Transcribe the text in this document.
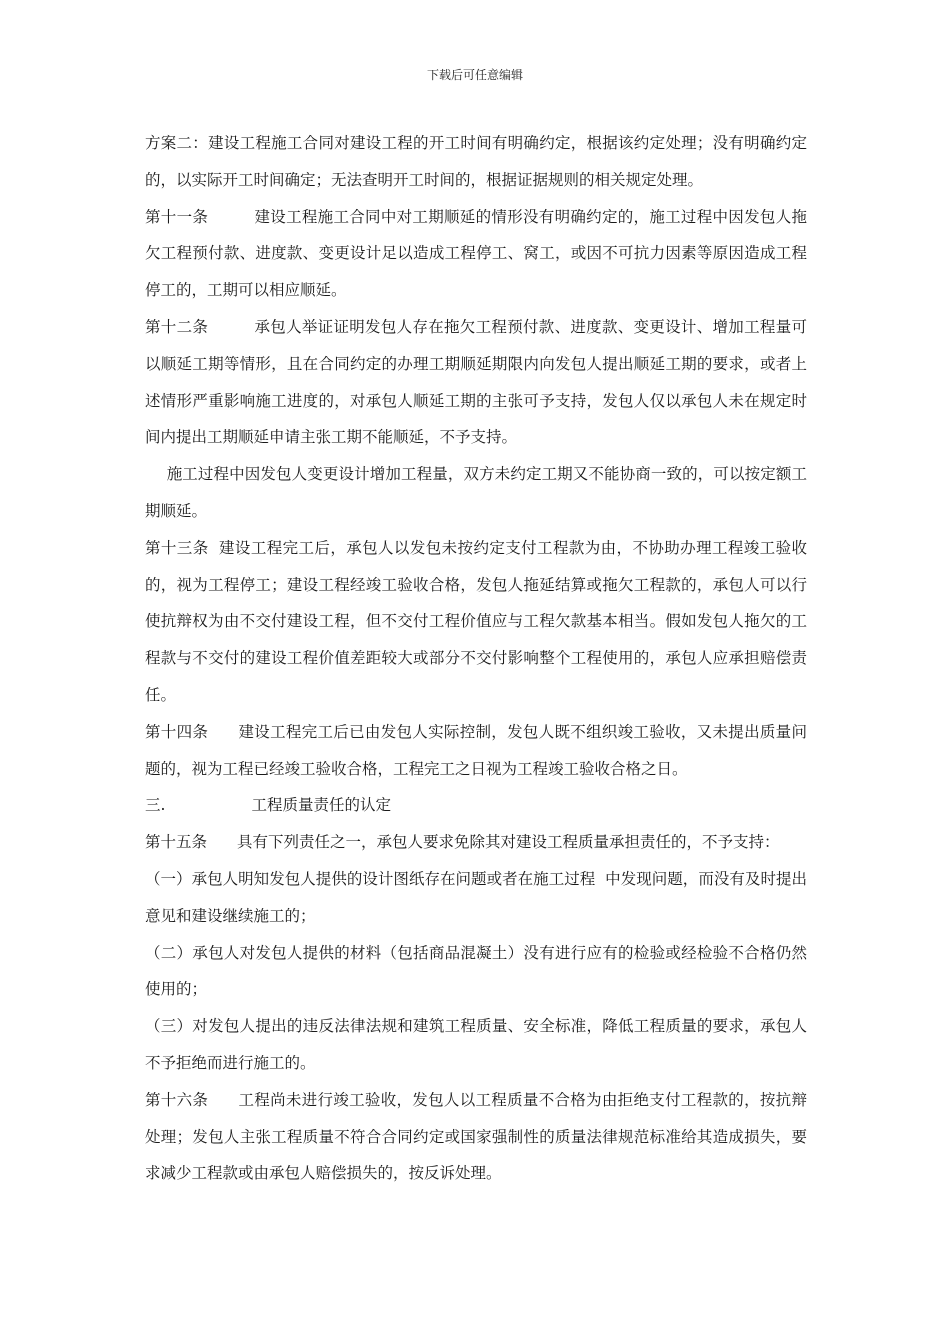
下载后可任意编辑

方案二：建设工程施工合同对建设工程的开工时间有明确约定，根据该约定处理；没有明确约定的，以实际开工时间确定；无法查明开工时间的，根据证据规则的相关规定处理。

第十一条	建设工程施工合同中对工期顺延的情形没有明确约定的，施工过程中因发包人拖欠工程预付款、进度款、变更设计足以造成工程停工、窝工，或因不可抗力因素等原因造成工程停工的，工期可以相应顺延。

第十二条	承包人举证证明发包人存在拖欠工程预付款、进度款、变更设计、增加工程量可以顺延工期等情形，且在合同约定的办理工期顺延期限内向发包人提出顺延工期的要求，或者上述情形严重影响施工进度的，对承包人顺延工期的主张可予支持，发包人仅以承包人未在规定时间内提出工期顺延申请主张工期不能顺延，不予支持。

施工过程中因发包人变更设计增加工程量，双方未约定工期又不能协商一致的，可以按定额工期顺延。

第十三条 建设工程完工后，承包人以发包未按约定支付工程款为由，不协助办理工程竣工验收的，视为工程停工；建设工程经竣工验收合格，发包人拖延结算或拖欠工程款的，承包人可以行使抗辩权为由不交付建设工程，但不交付工程价值应与工程欠款基本相当。假如发包人拖欠的工程款与不交付的建设工程价值差距较大或部分不交付影响整个工程使用的，承包人应承担赔偿责任。

第十四条 建设工程完工后已由发包人实际控制，发包人既不组织竣工验收，又未提出质量问题的，视为工程已经竣工验收合格，工程完工之日视为工程竣工验收合格之日。

三.	工程质量责任的认定

第十五条 具有下列责任之一，承包人要求免除其对建设工程质量承担责任的，不予支持：

（一）承包人明知发包人提供的设计图纸存在问题或者在施工过程  中发现问题，而没有及时提出意见和建设继续施工的；

（二）承包人对发包人提供的材料（包括商品混凝土）没有进行应有的检验或经检验不合格仍然使用的；

（三）对发包人提出的违反法律法规和建筑工程质量、安全标准，降低工程质量的要求，承包人不予拒绝而进行施工的。

第十六条 工程尚未进行竣工验收，发包人以工程质量不合格为由拒绝支付工程款的，按抗辩处理；发包人主张工程质量不符合合同约定或国家强制性的质量法律规范标准给其造成损失，要求减少工程款或由承包人赔偿损失的，按反诉处理。
